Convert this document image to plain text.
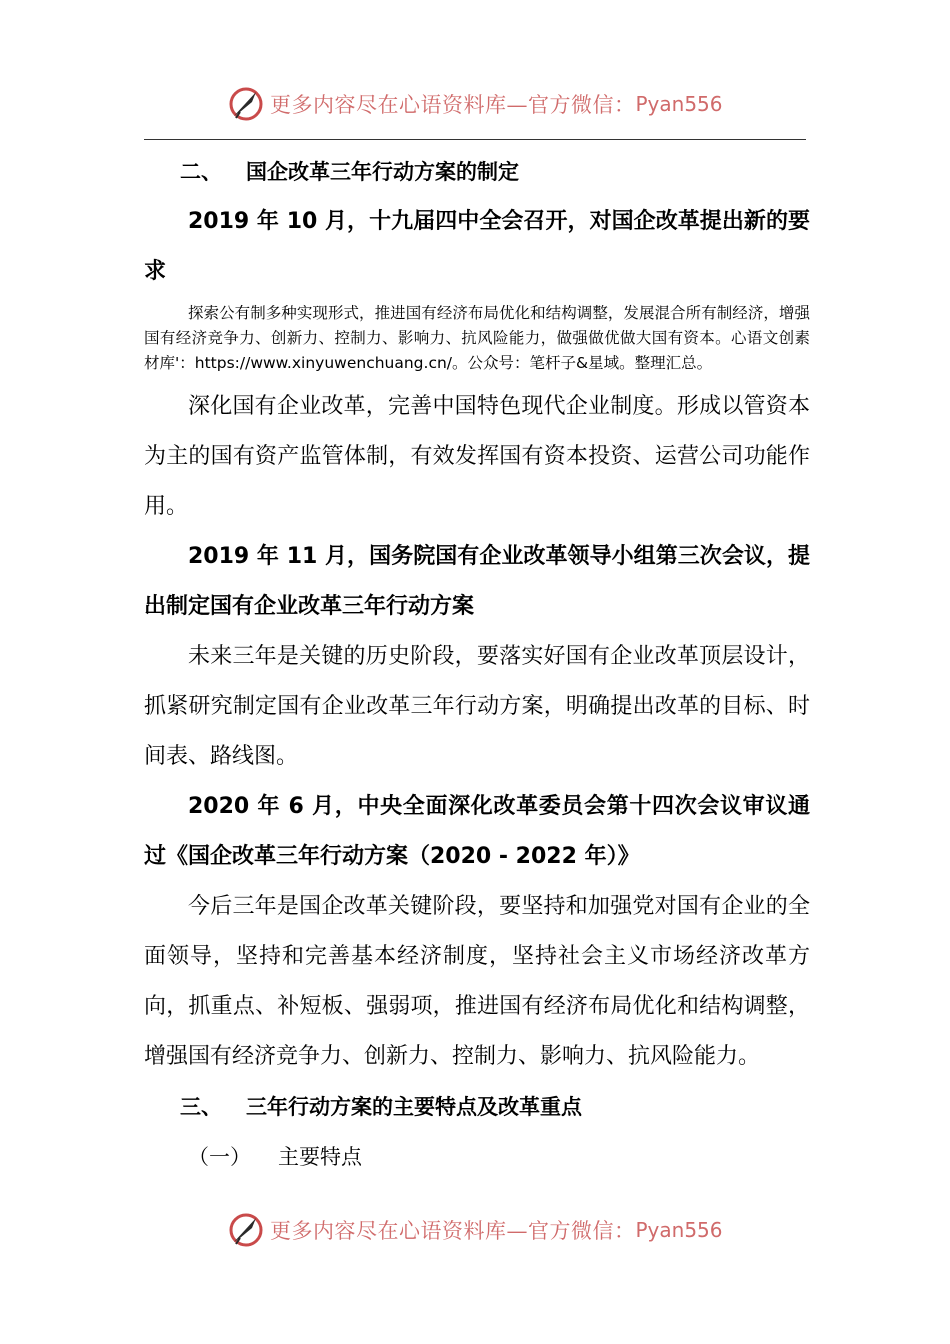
更多内容尽在心语资料库—官方微信： Pyan556

二、 国企改革三年行动方案的制定

2019 年 10 月，十九届四中全会召开，对国企改革提出新的要求

探索公有制多种实现形式，推进国有经济布局优化和结构调整，发展混合所有制经济，增强国有经济竞争力、创新力、控制力、影响力、抗风险能力，做强做优做大国有资本。心语文创素材库'：https://www.xinyuwenchuang.cn/。公众号：笔杆子&星域。整理汇总。

深化国有企业改革，完善中国特色现代企业制度。形成以管资本为主的国有资产监管体制，有效发挥国有资本投资、运营公司功能作用。

2019 年 11 月，国务院国有企业改革领导小组第三次会议，提出制定国有企业改革三年行动方案

未来三年是关键的历史阶段，要落实好国有企业改革顶层设计，抓紧研究制定国有企业改革三年行动方案，明确提出改革的目标、时间表、路线图。

2020 年 6 月，中央全面深化改革委员会第十四次会议审议通过《国企改革三年行动方案（2020 - 2022 年）》

今后三年是国企改革关键阶段，要坚持和加强党对国有企业的全面领导，坚持和完善基本经济制度，坚持社会主义市场经济改革方向，抓重点、补短板、强弱项，推进国有经济布局优化和结构调整，增强国有经济竞争力、创新力、控制力、影响力、抗风险能力。

三、 三年行动方案的主要特点及改革重点

（一） 主要特点

更多内容尽在心语资料库—官方微信： Pyan556
